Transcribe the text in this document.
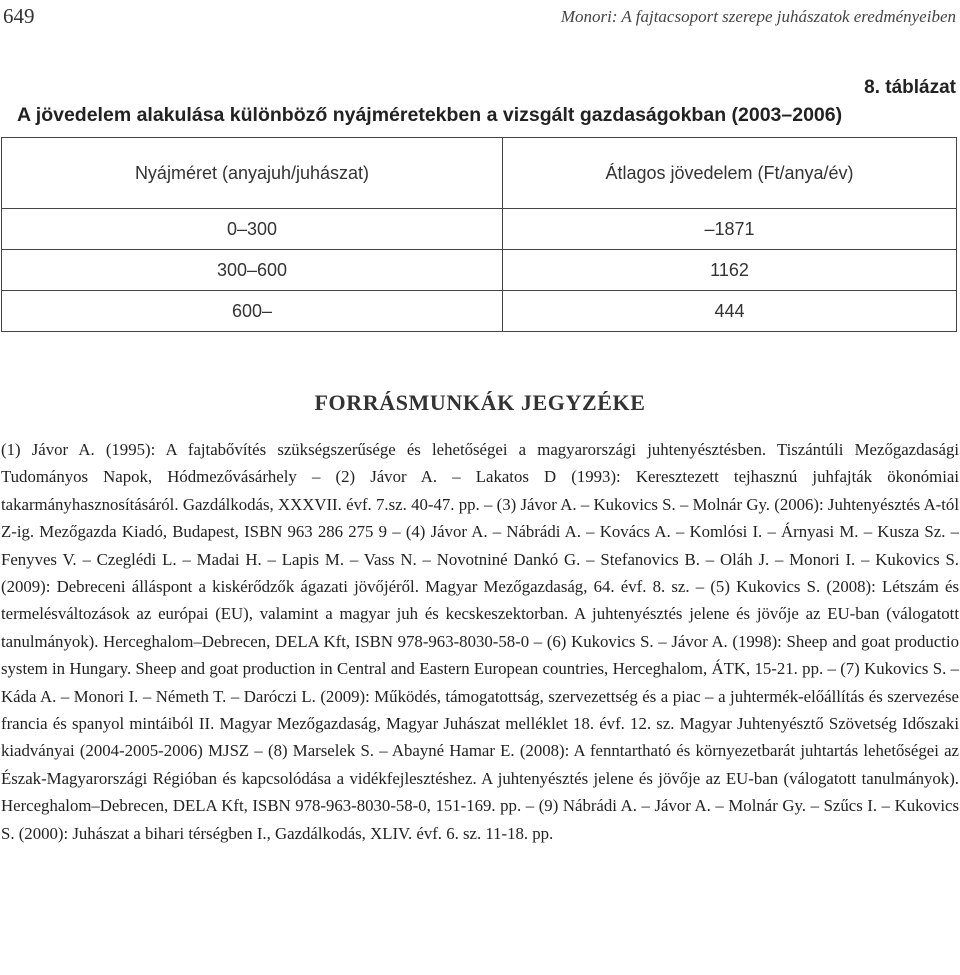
649	Monori: A fajtacsoport szerepe juhászatok eredményeiben
8. táblázat
A jövedelem alakulása különböző nyájméretekben a vizsgált gazdaságokban (2003–2006)
Nyájméret (anyajuh/juhászat)	Átlagos jövedelem (Ft/anya/év)
0–300	–1871
300–600	1162
600–	444
FORRÁSMUNKÁK JEGYZÉKE

(1) Jávor A. (1995): A fajtabővítés szükségszerűsége és lehetőségei a magyarországi juhtenyésztésben. Tiszántúli Mezőgazdasági Tudományos Napok, Hódmezővásárhely – (2) Jávor A. – Lakatos D (1993): Keresztezett tejhasznú juhfajták ökonómiai takarmányhasznosításáról. Gazdálkodás, XXXVII. évf. 7.sz. 40-47. pp. – (3) Jávor A. – Kukovics S. – Molnár Gy. (2006): Juhtenyésztés A-tól Z-ig. Mezőgazda Kiadó, Budapest, ISBN 963 286 275 9 – (4) Jávor A. – Nábrádi A. – Kovács A. – Komlósi I. – Árnyasi M. – Kusza Sz. – Fenyves V. – Czeglédi L. – Madai H. – Lapis M. – Vass N. – Novotniné Dankó G. – Stefanovics B. – Oláh J. – Monori I. – Kukovics S. (2009): Debreceni álláspont a kiskérődzők ágazati jövőjéről. Magyar Mezőgazdaság, 64. évf. 8. sz. – (5) Kukovics S. (2008): Létszám és termelésváltozások az európai (EU), valamint a magyar juh és kecskeszektorban. A juhtenyésztés jelene és jövője az EU-ban (válogatott tanulmányok). Herceghalom–Debrecen, DELA Kft, ISBN 978-963-8030-58-0 – (6) Kukovics S. – Jávor A. (1998): Sheep and goat productio system in Hungary. Sheep and goat production in Central and Eastern European countries, Herceghalom, ÁTK, 15-21. pp. – (7) Kukovics S. – Káda A. – Monori I. – Németh T. – Daróczi L. (2009): Működés, támogatottság, szervezettség és a piac – a juhtermék-előállítás és szervezése francia és spanyol mintáiból II. Magyar Mezőgazdaság, Magyar Juhászat melléklet 18. évf. 12. sz. Magyar Juhtenyésztő Szövetség Időszaki kiadványai (2004-2005-2006) MJSZ – (8) Marselek S. – Abayné Hamar E. (2008): A fenntartható és környezetbarát juhtartás lehetőségei az Észak-Magyarországi Régióban és kapcsolódása a vidékfejlesztéshez. A juhtenyésztés jelene és jövője az EU-ban (válogatott tanulmányok). Herceghalom–Debrecen, DELA Kft, ISBN 978-963-8030-58-0, 151-169. pp. – (9) Nábrádi A. – Jávor A. – Molnár Gy. – Szűcs I. – Kukovics S. (2000): Juhászat a bihari térségben I., Gazdálkodás, XLIV. évf. 6. sz. 11-18. pp.
